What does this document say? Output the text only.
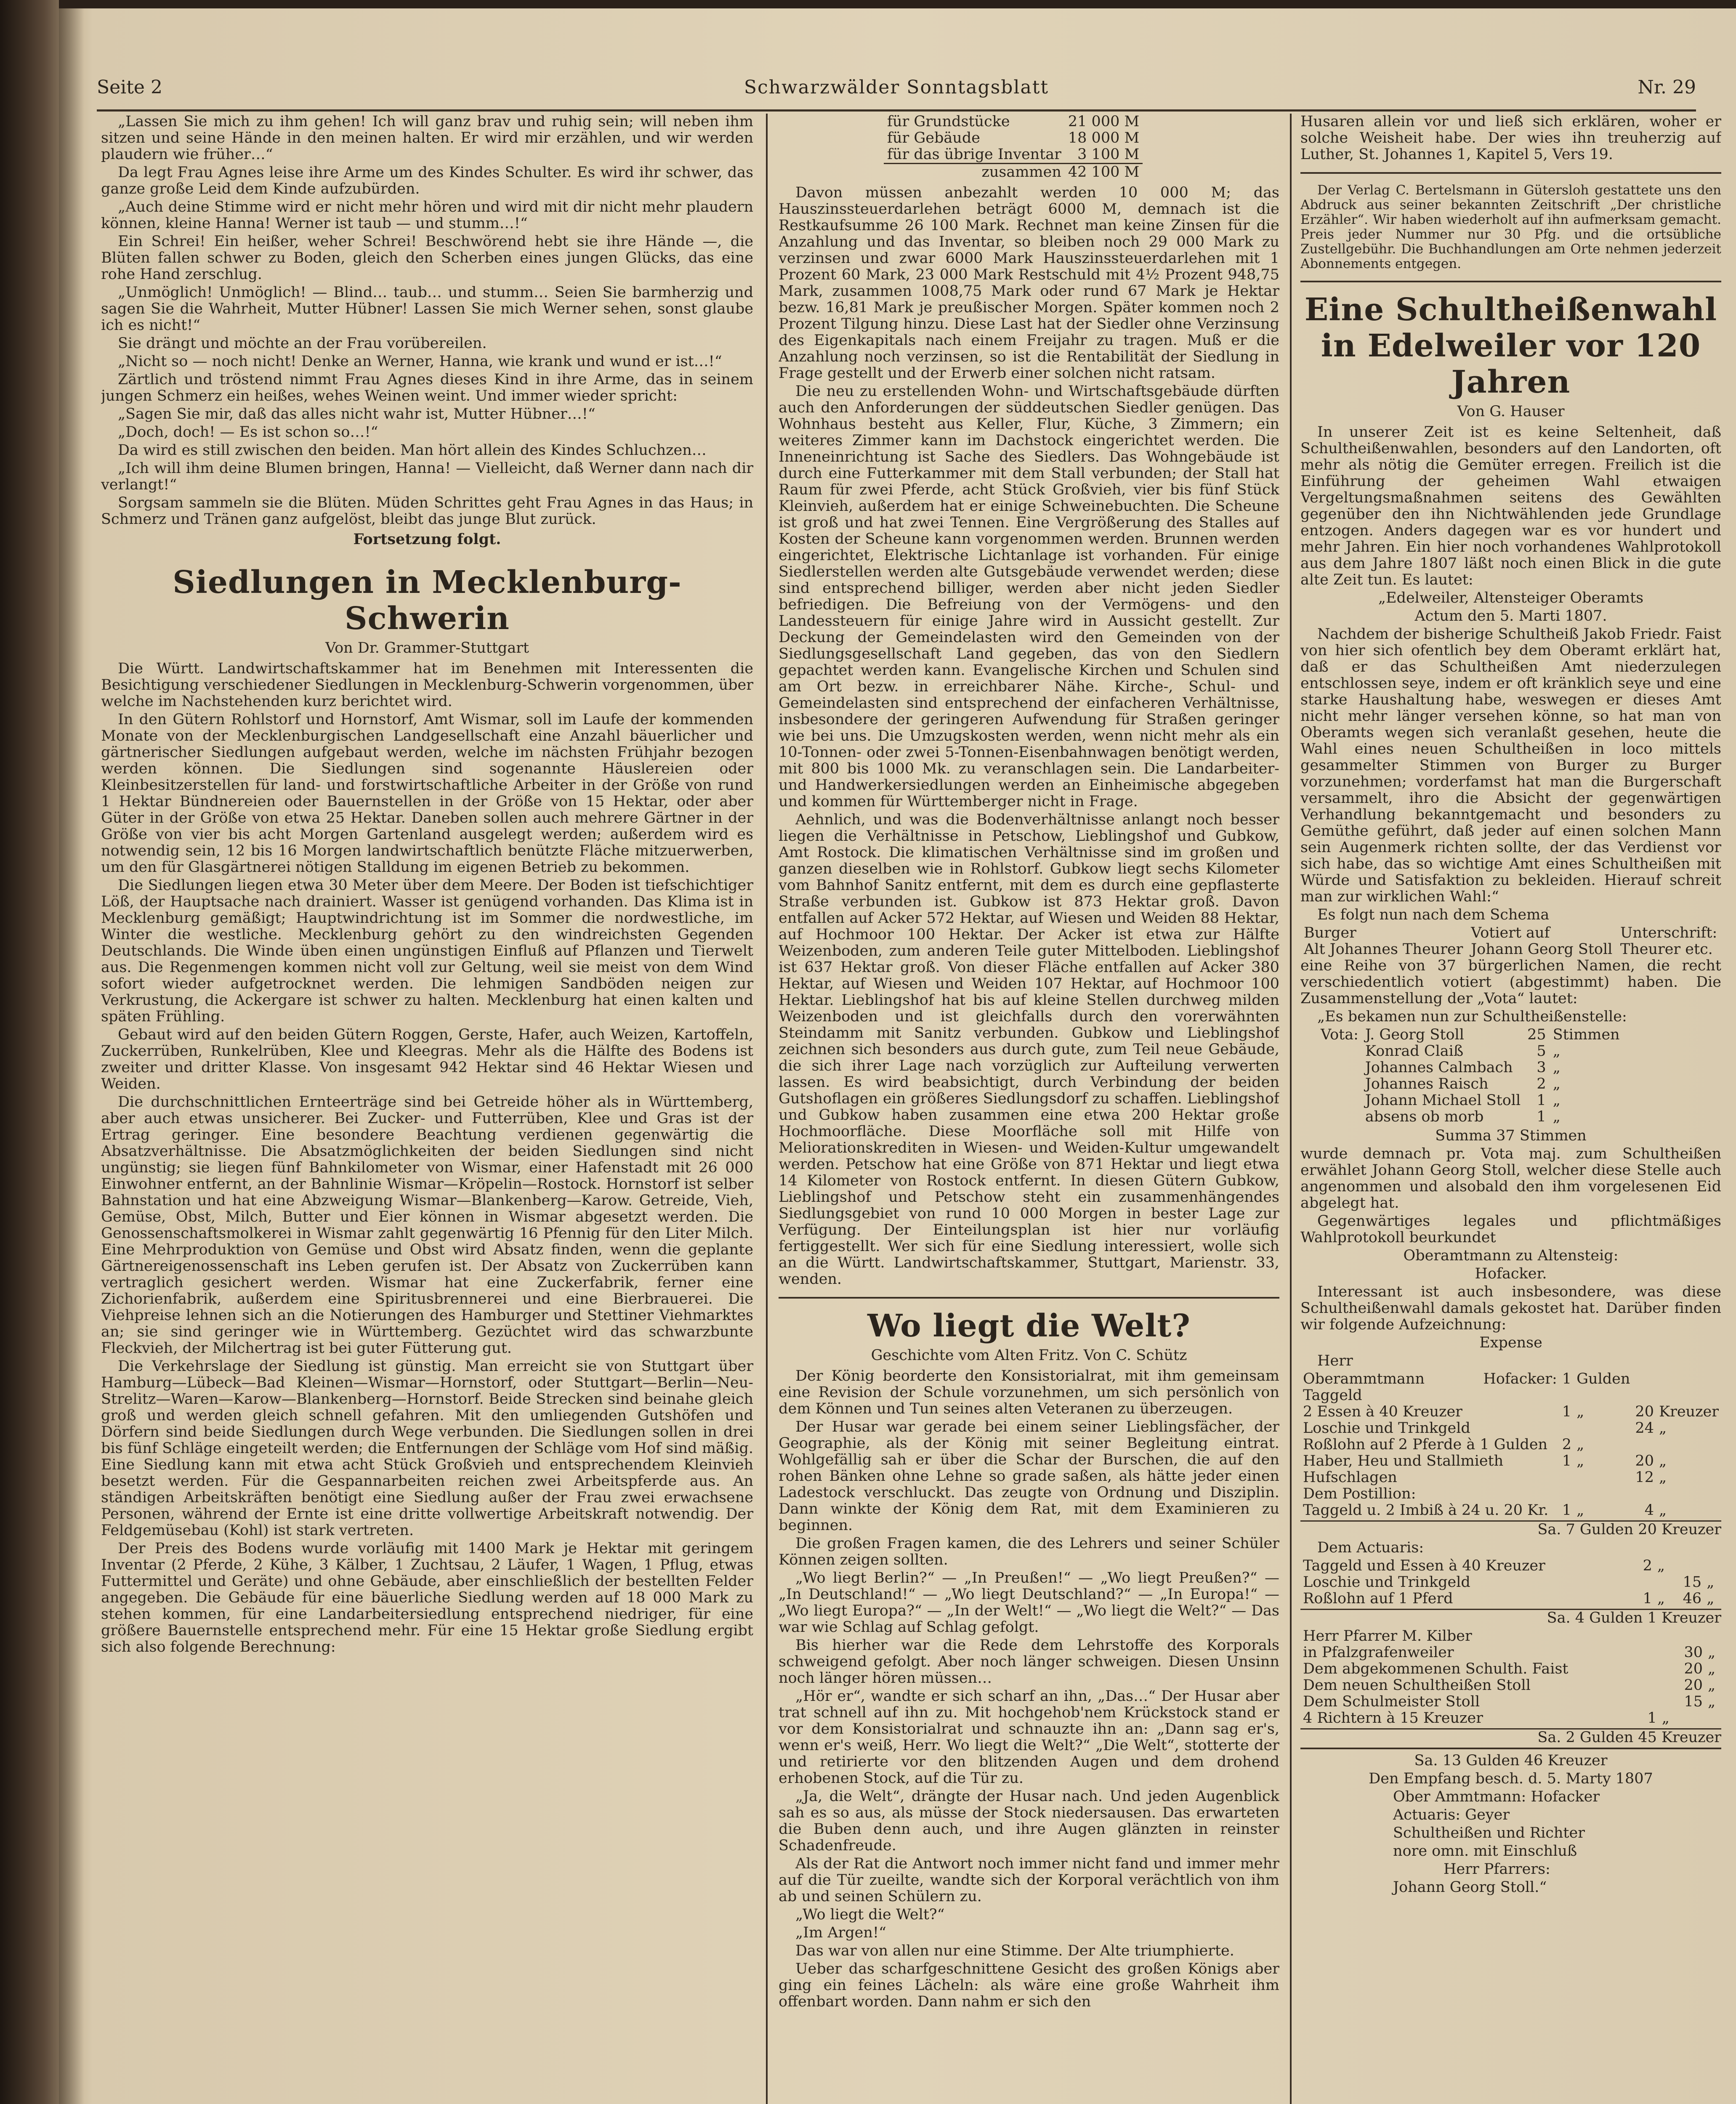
Seite 2	Schwarzwälder Sonntagsblatt	Nr. 29

„Lassen Sie mich zu ihm gehen! Ich will ganz brav und ruhig sein; will neben ihm sitzen und seine Hände in den meinen halten. Er wird mir erzählen, und wir werden plaudern wie früher…“

Da legt Frau Agnes leise ihre Arme um des Kindes Schulter. Es wird ihr schwer, das ganze große Leid dem Kinde aufzubürden.

„Auch deine Stimme wird er nicht mehr hören und wird mit dir nicht mehr plaudern können, kleine Hanna! Werner ist taub — und stumm…!“

Ein Schrei! Ein heißer, weher Schrei! Beschwörend hebt sie ihre Hände —, die Blüten fallen schwer zu Boden, gleich den Scherben eines jungen Glücks, das eine rohe Hand zerschlug.

„Unmöglich! Unmöglich! — Blind… taub… und stumm… Seien Sie barmherzig und sagen Sie die Wahrheit, Mutter Hübner! Lassen Sie mich Werner sehen, sonst glaube ich es nicht!“

Sie drängt und möchte an der Frau vorübereilen.

„Nicht so — noch nicht! Denke an Werner, Hanna, wie krank und wund er ist…!“

Zärtlich und tröstend nimmt Frau Agnes dieses Kind in ihre Arme, das in seinem jungen Schmerz ein heißes, wehes Weinen weint. Und immer wieder spricht:

„Sagen Sie mir, daß das alles nicht wahr ist, Mutter Hübner…!“

„Doch, doch! — Es ist schon so…!“

Da wird es still zwischen den beiden. Man hört allein des Kindes Schluchzen…

„Ich will ihm deine Blumen bringen, Hanna! — Vielleicht, daß Werner dann nach dir verlangt!“

Sorgsam sammeln sie die Blüten. Müden Schrittes geht Frau Agnes in das Haus; in Schmerz und Tränen ganz aufgelöst, bleibt das junge Blut zurück.

Fortsetzung folgt.

Siedlungen in Mecklenburg-Schwerin

Von Dr. Grammer-Stuttgart

Die Württ. Landwirtschaftskammer hat im Benehmen mit Interessenten die Besichtigung verschiedener Siedlungen in Mecklenburg-Schwerin vorgenommen, über welche im Nachstehenden kurz berichtet wird.

In den Gütern Rohlstorf und Hornstorf, Amt Wismar, soll im Laufe der kommenden Monate von der Mecklenburgischen Landgesellschaft eine Anzahl bäuerlicher und gärtnerischer Siedlungen aufgebaut werden, welche im nächsten Frühjahr bezogen werden können. Die Siedlungen sind sogenannte Häuslereien oder Kleinbesitzerstellen für land- und forstwirtschaftliche Arbeiter in der Größe von rund 1 Hektar Bündnereien oder Bauernstellen in der Größe von 15 Hektar, oder aber Güter in der Größe von etwa 25 Hektar. Daneben sollen auch mehrere Gärtner in der Größe von vier bis acht Morgen Gartenland ausgelegt werden; außerdem wird es notwendig sein, 12 bis 16 Morgen landwirtschaftlich benützte Fläche mitzuerwerben, um den für Glasgärtnerei nötigen Stalldung im eigenen Betrieb zu bekommen.

Die Siedlungen liegen etwa 30 Meter über dem Meere. Der Boden ist tiefschichtiger Löß, der Hauptsache nach drainiert. Wasser ist genügend vorhanden. Das Klima ist in Mecklenburg gemäßigt; Hauptwindrichtung ist im Sommer die nordwestliche, im Winter die westliche. Mecklenburg gehört zu den windreichsten Gegenden Deutschlands. Die Winde üben einen ungünstigen Einfluß auf Pflanzen und Tierwelt aus. Die Regenmengen kommen nicht voll zur Geltung, weil sie meist von dem Wind sofort wieder aufgetrocknet werden. Die lehmigen Sandböden neigen zur Verkrustung, die Ackergare ist schwer zu halten. Mecklenburg hat einen kalten und späten Frühling.

Gebaut wird auf den beiden Gütern Roggen, Gerste, Hafer, auch Weizen, Kartoffeln, Zuckerrüben, Runkelrüben, Klee und Kleegras. Mehr als die Hälfte des Bodens ist zweiter und dritter Klasse. Von insgesamt 942 Hektar sind 46 Hektar Wiesen und Weiden.

Die durchschnittlichen Ernteerträge sind bei Getreide höher als in Württemberg, aber auch etwas unsicherer. Bei Zucker- und Futterrüben, Klee und Gras ist der Ertrag geringer. Eine besondere Beachtung verdienen gegenwärtig die Absatzverhältnisse. Die Absatzmöglichkeiten der beiden Siedlungen sind nicht ungünstig; sie liegen fünf Bahnkilometer von Wismar, einer Hafenstadt mit 26 000 Einwohner entfernt, an der Bahnlinie Wismar—Kröpelin—Rostock. Hornstorf ist selber Bahnstation und hat eine Abzweigung Wismar—Blankenberg—Karow. Getreide, Vieh, Gemüse, Obst, Milch, Butter und Eier können in Wismar abgesetzt werden. Die Genossenschaftsmolkerei in Wismar zahlt gegenwärtig 16 Pfennig für den Liter Milch. Eine Mehrproduktion von Gemüse und Obst wird Absatz finden, wenn die geplante Gärtnereigenossenschaft ins Leben gerufen ist. Der Absatz von Zuckerrüben kann vertraglich gesichert werden. Wismar hat eine Zuckerfabrik, ferner eine Zichorienfabrik, außerdem eine Spiritusbrennerei und eine Bierbrauerei. Die Viehpreise lehnen sich an die Notierungen des Hamburger und Stettiner Viehmarktes an; sie sind geringer wie in Württemberg. Gezüchtet wird das schwarzbunte Fleckvieh, der Milchertrag ist bei guter Fütterung gut.

Die Verkehrslage der Siedlung ist günstig. Man erreicht sie von Stuttgart über Hamburg—Lübeck—Bad Kleinen—Wismar—Hornstorf, oder Stuttgart—Berlin—Neu-Strelitz—Waren—Karow—Blankenberg—Hornstorf. Beide Strecken sind beinahe gleich groß und werden gleich schnell gefahren. Mit den umliegenden Gutshöfen und Dörfern sind beide Siedlungen durch Wege verbunden. Die Siedlungen sollen in drei bis fünf Schläge eingeteilt werden; die Entfernungen der Schläge vom Hof sind mäßig. Eine Siedlung kann mit etwa acht Stück Großvieh und entsprechendem Kleinvieh besetzt werden. Für die Gespannarbeiten reichen zwei Arbeitspferde aus. An ständigen Arbeitskräften benötigt eine Siedlung außer der Frau zwei erwachsene Personen, während der Ernte ist eine dritte vollwertige Arbeitskraft notwendig. Der Feldgemüsebau (Kohl) ist stark vertreten.

Der Preis des Bodens wurde vorläufig mit 1400 Mark je Hektar mit geringem Inventar (2 Pferde, 2 Kühe, 3 Kälber, 1 Zuchtsau, 2 Läufer, 1 Wagen, 1 Pflug, etwas Futtermittel und Geräte) und ohne Gebäude, aber einschließlich der bestellten Felder angegeben. Die Gebäude für eine bäuerliche Siedlung werden auf 18 000 Mark zu stehen kommen, für eine Landarbeitersiedlung entsprechend niedriger, für eine größere Bauernstelle entsprechend mehr. Für eine 15 Hektar große Siedlung ergibt sich also folgende Berechnung:

für Grundstücke	21 000 M
für Gebäude	18 000 M
für das übrige Inventar	3 100 M
zusammen	42 100 M

Davon müssen anbezahlt werden 10 000 M; das Hauszinssteuerdarlehen beträgt 6000 M, demnach ist die Restkaufsumme 26 100 Mark. Rechnet man keine Zinsen für die Anzahlung und das Inventar, so bleiben noch 29 000 Mark zu verzinsen und zwar 6000 Mark Hauszinssteuerdarlehen mit 1 Prozent 60 Mark, 23 000 Mark Restschuld mit 4½ Prozent 948,75 Mark, zusammen 1008,75 Mark oder rund 67 Mark je Hektar bezw. 16,81 Mark je preußischer Morgen. Später kommen noch 2 Prozent Tilgung hinzu. Diese Last hat der Siedler ohne Verzinsung des Eigenkapitals nach einem Freijahr zu tragen. Muß er die Anzahlung noch verzinsen, so ist die Rentabilität der Siedlung in Frage gestellt und der Erwerb einer solchen nicht ratsam.

Die neu zu erstellenden Wohn- und Wirtschaftsgebäude dürften auch den Anforderungen der süddeutschen Siedler genügen. Das Wohnhaus besteht aus Keller, Flur, Küche, 3 Zimmern; ein weiteres Zimmer kann im Dachstock eingerichtet werden. Die Inneneinrichtung ist Sache des Siedlers. Das Wohngebäude ist durch eine Futterkammer mit dem Stall verbunden; der Stall hat Raum für zwei Pferde, acht Stück Großvieh, vier bis fünf Stück Kleinvieh, außerdem hat er einige Schweinebuchten. Die Scheune ist groß und hat zwei Tennen. Eine Vergrößerung des Stalles auf Kosten der Scheune kann vorgenommen werden. Brunnen werden eingerichtet, Elektrische Lichtanlage ist vorhanden. Für einige Siedlerstellen werden alte Gutsgebäude verwendet werden; diese sind entsprechend billiger, werden aber nicht jeden Siedler befriedigen. Die Befreiung von der Vermögens- und den Landessteuern für einige Jahre wird in Aussicht gestellt. Zur Deckung der Gemeindelasten wird den Gemeinden von der Siedlungsgesellschaft Land gegeben, das von den Siedlern gepachtet werden kann. Evangelische Kirchen und Schulen sind am Ort bezw. in erreichbarer Nähe. Kirche-, Schul- und Gemeindelasten sind entsprechend der einfacheren Verhältnisse, insbesondere der geringeren Aufwendung für Straßen geringer wie bei uns. Die Umzugskosten werden, wenn nicht mehr als ein 10-Tonnen- oder zwei 5-Tonnen-Eisenbahnwagen benötigt werden, mit 800 bis 1000 Mk. zu veranschlagen sein. Die Landarbeiter- und Handwerkersiedlungen werden an Einheimische abgegeben und kommen für Württemberger nicht in Frage.

Aehnlich, und was die Bodenverhältnisse anlangt noch besser liegen die Verhältnisse in Petschow, Lieblingshof und Gubkow, Amt Rostock. Die klimatischen Verhältnisse sind im großen und ganzen dieselben wie in Rohlstorf. Gubkow liegt sechs Kilometer vom Bahnhof Sanitz entfernt, mit dem es durch eine gepflasterte Straße verbunden ist. Gubkow ist 873 Hektar groß. Davon entfallen auf Acker 572 Hektar, auf Wiesen und Weiden 88 Hektar, auf Hochmoor 100 Hektar. Der Acker ist etwa zur Hälfte Weizenboden, zum anderen Teile guter Mittelboden. Lieblingshof ist 637 Hektar groß. Von dieser Fläche entfallen auf Acker 380 Hektar, auf Wiesen und Weiden 107 Hektar, auf Hochmoor 100 Hektar. Lieblingshof hat bis auf kleine Stellen durchweg milden Weizenboden und ist gleichfalls durch den vorerwähnten Steindamm mit Sanitz verbunden. Gubkow und Lieblingshof zeichnen sich besonders aus durch gute, zum Teil neue Gebäude, die sich ihrer Lage nach vorzüglich zur Aufteilung verwerten lassen. Es wird beabsichtigt, durch Verbindung der beiden Gutshoflagen ein größeres Siedlungsdorf zu schaffen. Lieblingshof und Gubkow haben zusammen eine etwa 200 Hektar große Hochmoorfläche. Diese Moorfläche soll mit Hilfe von Meliorationskrediten in Wiesen- und Weiden-Kultur umgewandelt werden. Petschow hat eine Größe von 871 Hektar und liegt etwa 14 Kilometer von Rostock entfernt. In diesen Gütern Gubkow, Lieblingshof und Petschow steht ein zusammenhängendes Siedlungsgebiet von rund 10 000 Morgen in bester Lage zur Verfügung. Der Einteilungsplan ist hier nur vorläufig fertiggestellt. Wer sich für eine Siedlung interessiert, wolle sich an die Württ. Landwirtschaftskammer, Stuttgart, Marienstr. 33, wenden.

Wo liegt die Welt?

Geschichte vom Alten Fritz. Von C. Schütz

Der König beorderte den Konsistorialrat, mit ihm gemeinsam eine Revision der Schule vorzunehmen, um sich persönlich von dem Können und Tun seines alten Veteranen zu überzeugen.

Der Husar war gerade bei einem seiner Lieblingsfächer, der Geographie, als der König mit seiner Begleitung eintrat. Wohlgefällig sah er über die Schar der Burschen, die auf den rohen Bänken ohne Lehne so grade saßen, als hätte jeder einen Ladestock verschluckt. Das zeugte von Ordnung und Disziplin. Dann winkte der König dem Rat, mit dem Examinieren zu beginnen.

Die großen Fragen kamen, die des Lehrers und seiner Schüler Können zeigen sollten.

„Wo liegt Berlin?“ — „In Preußen!“ — „Wo liegt Preußen?“ — „In Deutschland!“ — „Wo liegt Deutschland?“ — „In Europa!“ — „Wo liegt Europa?“ — „In der Welt!“ — „Wo liegt die Welt?“ — Das war wie Schlag auf Schlag gefolgt.

Bis hierher war die Rede dem Lehrstoffe des Korporals schweigend gefolgt. Aber noch länger schweigen. Diesen Unsinn noch länger hören müssen…

„Hör er“, wandte er sich scharf an ihn, „Das…“ Der Husar aber trat schnell auf ihn zu. Mit hochgehob'nem Krückstock stand er vor dem Konsistorialrat und schnauzte ihn an: „Dann sag er's, wenn er's weiß, Herr. Wo liegt die Welt?“ „Die Welt“, stotterte der und retirierte vor den blitzenden Augen und dem drohend erhobenen Stock, auf die Tür zu.

„Ja, die Welt“, drängte der Husar nach. Und jeden Augenblick sah es so aus, als müsse der Stock niedersausen. Das erwarteten die Buben denn auch, und ihre Augen glänzten in reinster Schadenfreude.

Als der Rat die Antwort noch immer nicht fand und immer mehr auf die Tür zueilte, wandte sich der Korporal verächtlich von ihm ab und seinen Schülern zu.

„Wo liegt die Welt?“

„Im Argen!“

Das war von allen nur eine Stimme. Der Alte triumphierte.

Ueber das scharfgeschnittene Gesicht des großen Königs aber ging ein feines Lächeln: als wäre eine große Wahrheit ihm offenbart worden. Dann nahm er sich den

Husaren allein vor und ließ sich erklären, woher er solche Weisheit habe. Der wies ihn treuherzig auf Luther, St. Johannes 1, Kapitel 5, Vers 19.

Der Verlag C. Bertelsmann in Gütersloh gestattete uns den Abdruck aus seiner bekannten Zeitschrift „Der christliche Erzähler“. Wir haben wiederholt auf ihn aufmerksam gemacht. Preis jeder Nummer nur 30 Pfg. und die ortsübliche Zustellgebühr. Die Buchhandlungen am Orte nehmen jederzeit Abonnements entgegen.

Eine Schultheißenwahl in Edelweiler vor 120 Jahren

Von G. Hauser

In unserer Zeit ist es keine Seltenheit, daß Schultheißenwahlen, besonders auf den Landorten, oft mehr als nötig die Gemüter erregen. Freilich ist die Einführung der geheimen Wahl etwaigen Vergeltungsmaßnahmen seitens des Gewählten gegenüber den ihn Nichtwählenden jede Grundlage entzogen. Anders dagegen war es vor hundert und mehr Jahren. Ein hier noch vorhandenes Wahlprotokoll aus dem Jahre 1807 läßt noch einen Blick in die gute alte Zeit tun. Es lautet:

„Edelweiler, Altensteiger Oberamts

Actum den 5. Marti 1807.

Nachdem der bisherige Schultheiß Jakob Friedr. Faist von hier sich ofentlich bey dem Oberamt erklärt hat, daß er das Schultheißen Amt niederzulegen entschlossen seye, indem er oft kränklich seye und eine starke Haushaltung habe, weswegen er dieses Amt nicht mehr länger versehen könne, so hat man von Oberamts wegen sich veranlaßt gesehen, heute die Wahl eines neuen Schultheißen in loco mittels gesammelter Stimmen von Burger zu Burger vorzunehmen; vorderfamst hat man die Burgerschaft versammelt, ihro die Absicht der gegenwärtigen Verhandlung bekanntgemacht und besonders zu Gemüthe geführt, daß jeder auf einen solchen Mann sein Augenmerk richten sollte, der das Verdienst vor sich habe, das so wichtige Amt eines Schultheißen mit Würde und Satisfaktion zu bekleiden. Hierauf schreit man zur wirklichen Wahl:“

Es folgt nun nach dem Schema

Burger	Votiert auf	Unterschrift:
Alt Johannes Theurer	Johann Georg Stoll	Theurer etc.

eine Reihe von 37 bürgerlichen Namen, die recht verschiedentlich votiert (abgestimmt) haben. Die Zusammenstellung der „Vota“ lautet:

„Es bekamen nun zur Schultheißenstelle:

Vota:	J. Georg Stoll	25	Stimmen
	Konrad Claiß	5	„
	Johannes Calmbach	3	„
	Johannes Raisch	2	„
	Johann Michael Stoll	1	„
	absens ob morb	1	„

Summa 37 Stimmen

wurde demnach pr. Vota maj. zum Schultheißen erwählet Johann Georg Stoll, welcher diese Stelle auch angenommen und alsobald den ihm vorgelesenen Eid abgelegt hat.

Gegenwärtiges legales und pflichtmäßiges Wahlprotokoll beurkundet

Oberamtmann zu Altensteig:

Hofacker.

Interessant ist auch insbesondere, was diese Schultheißenwahl damals gekostet hat. Darüber finden wir folgende Aufzeichnung:

Expense

Herr

Oberammtmann Hofacker: Taggeld	1	Gulden		
2 Essen à 40 Kreuzer	1	„	20	Kreuzer
Loschie und Trinkgeld			24	„
Roßlohn auf 2 Pferde à 1 Gulden	2	„		
Haber, Heu und Stallmieth	1	„	20	„
Hufschlagen			12	„
Dem Postillion:				
Taggeld u. 2 Imbiß à 24 u. 20 Kr.	1	„	4	„

Sa. 7 Gulden 20 Kreuzer

Dem Actuaris:

Taggeld und Essen à 40 Kreuzer	2	„		
Loschie und Trinkgeld			15	„
Roßlohn auf 1 Pferd	1	„	46	„

Sa. 4 Gulden 1 Kreuzer

Herr Pfarrer M. Kilber				
in Pfalzgrafenweiler			30	„
Dem abgekommenen Schulth. Faist			20	„
Dem neuen Schultheißen Stoll			20	„
Dem Schulmeister Stoll			15	„
4 Richtern à 15 Kreuzer	1	„		

Sa. 2 Gulden 45 Kreuzer

Sa. 13 Gulden 46 Kreuzer

Den Empfang besch. d. 5. Marty 1807

Ober Ammtmann: Hofacker

Actuaris: Geyer

Schultheißen und Richter

nore omn. mit Einschluß

Herr Pfarrers:

Johann Georg Stoll.“
